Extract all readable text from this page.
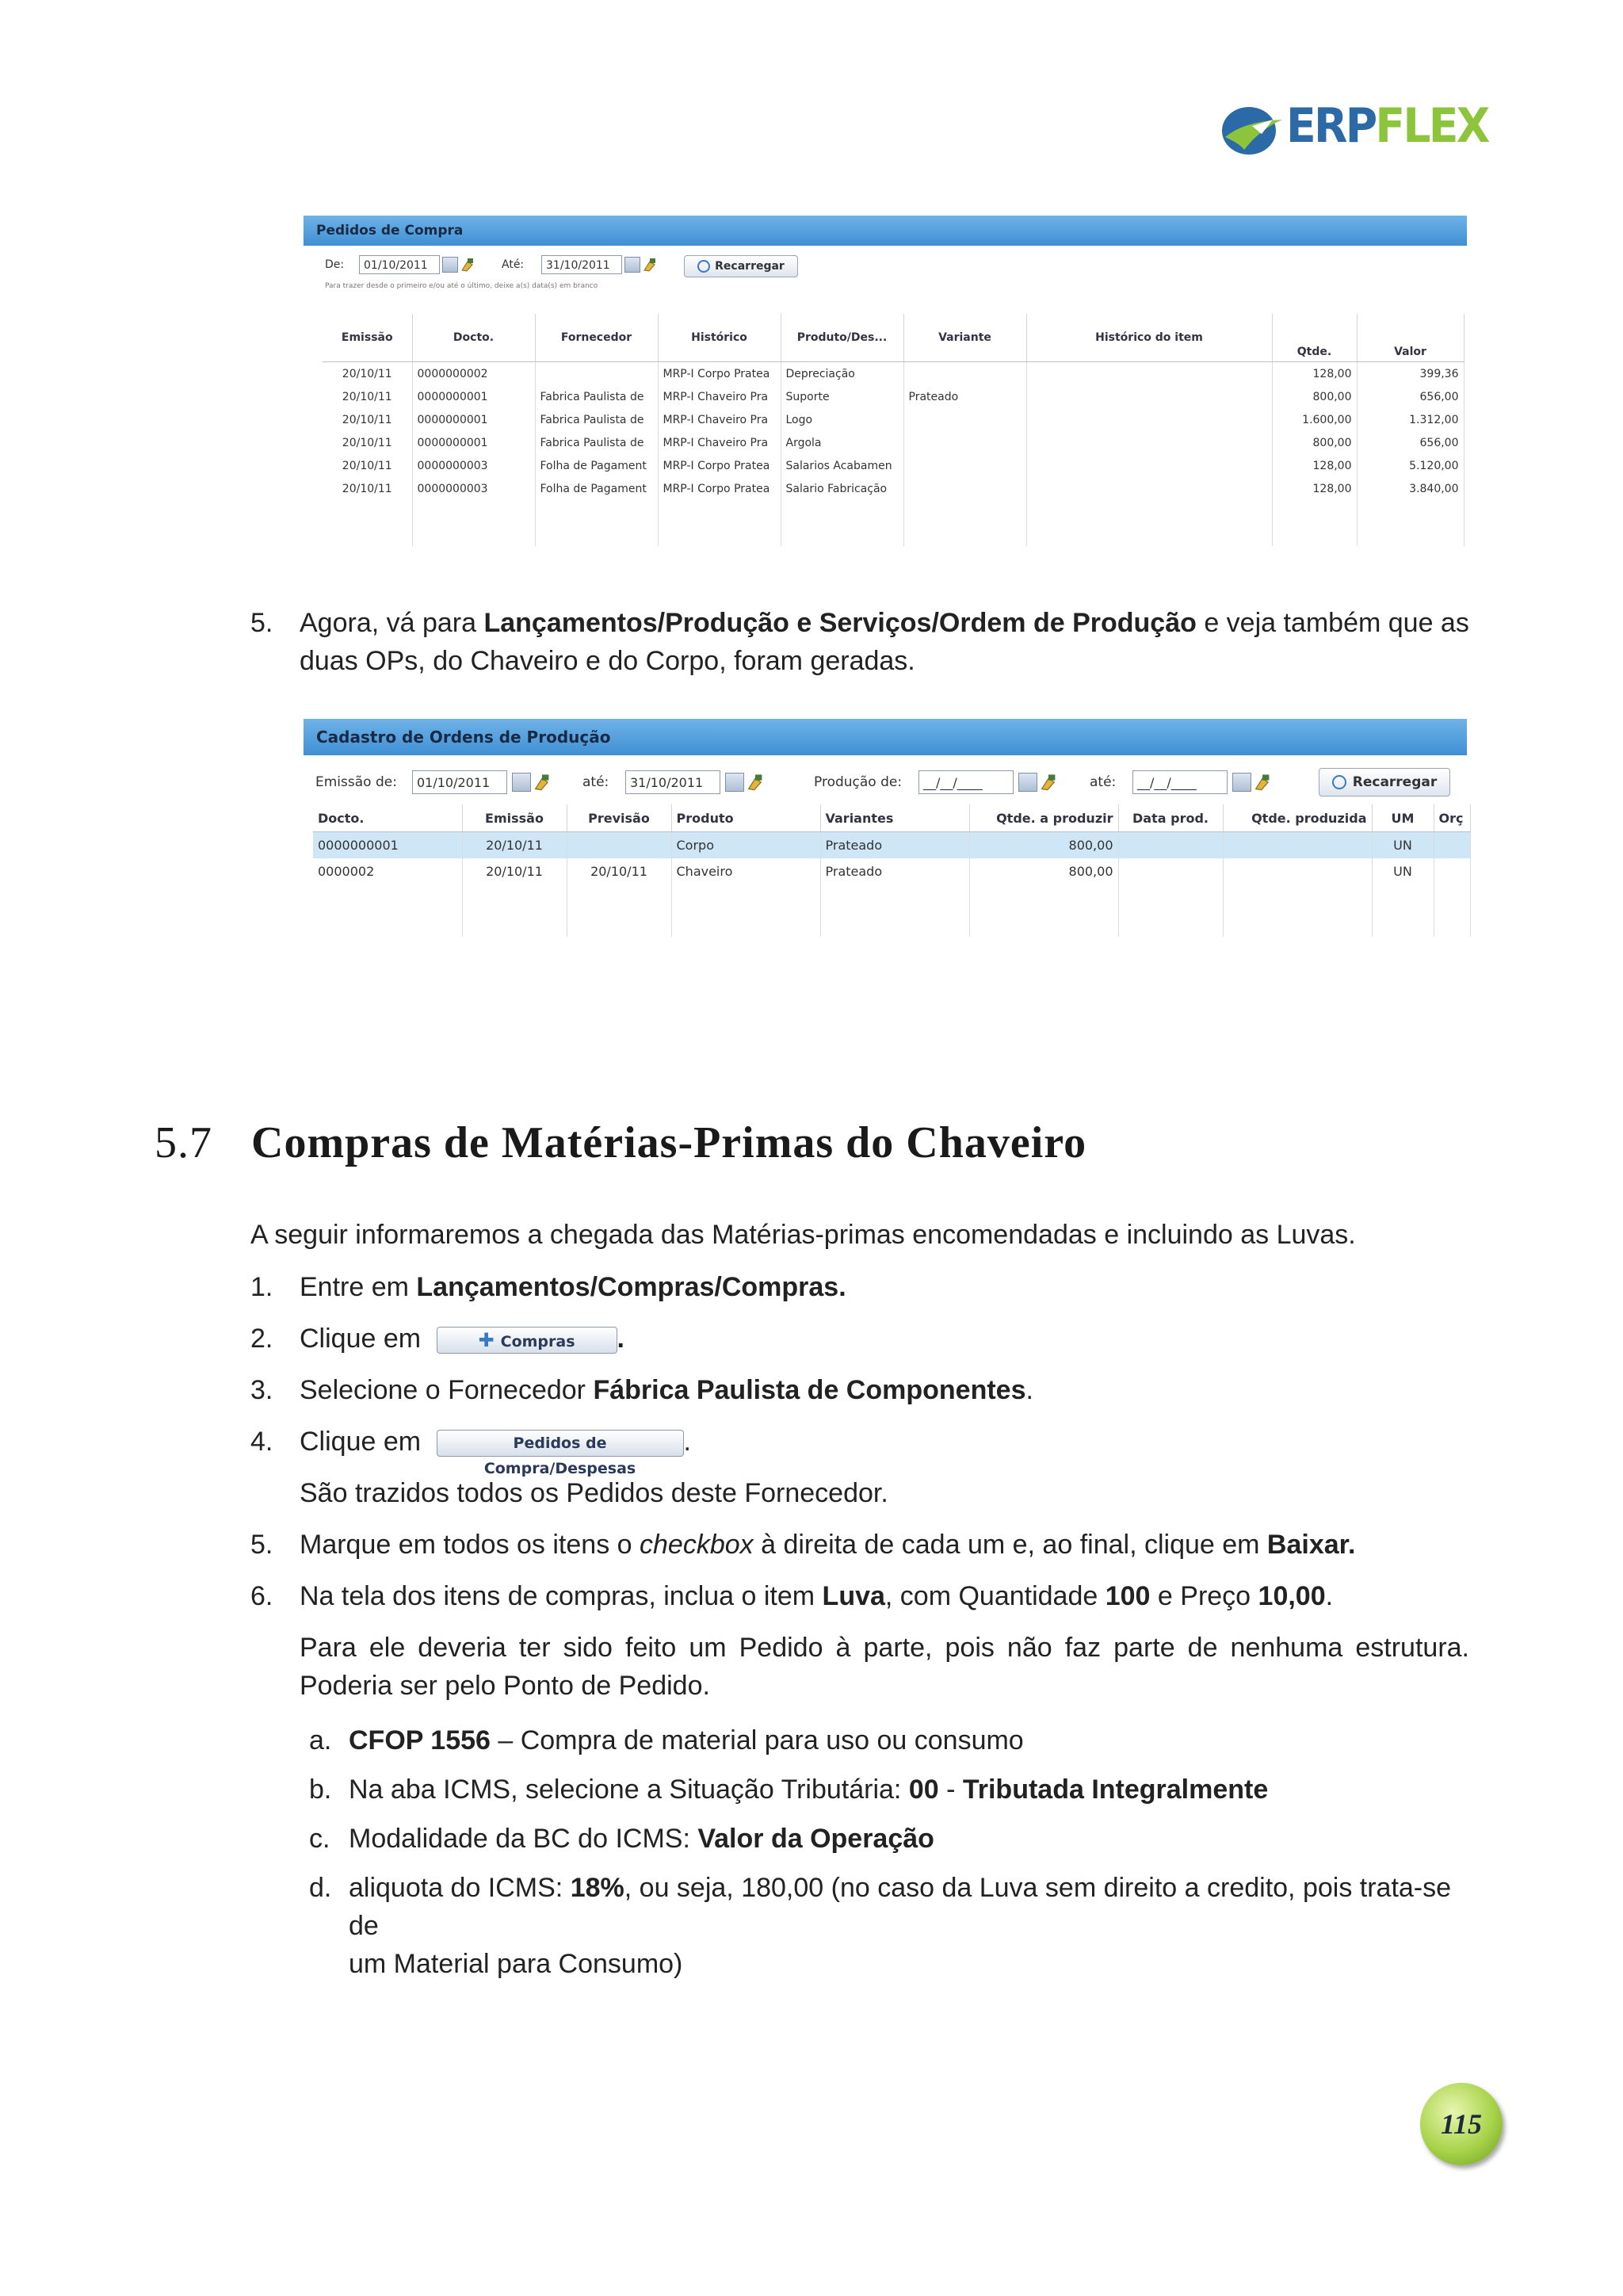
ERPFLEX
Pedidos de Compra
De:	01/10/2011	Até:	31/10/2011	Recarregar
Para trazer desde o primeiro e/ou até o último, deixe a(s) data(s) em branco
Emissão	Docto.	Fornecedor	Histórico	Produto/Des...	Variante	Histórico do item	Qtde.	Valor
20/10/11	0000000002		MRP-I Corpo Pratea	Depreciação			128,00	399,36
20/10/11	0000000001	Fabrica Paulista de	MRP-I Chaveiro Pra	Suporte	Prateado		800,00	656,00
20/10/11	0000000001	Fabrica Paulista de	MRP-I Chaveiro Pra	Logo			1.600,00	1.312,00
20/10/11	0000000001	Fabrica Paulista de	MRP-I Chaveiro Pra	Argola			800,00	656,00
20/10/11	0000000003	Folha de Pagament	MRP-I Corpo Pratea	Salarios Acabamen			128,00	5.120,00
20/10/11	0000000003	Folha de Pagament	MRP-I Corpo Pratea	Salario Fabricação			128,00	3.840,00

5. Agora, vá para Lançamentos/Produção e Serviços/Ordem de Produção e veja também que as
duas OPs, do Chaveiro e do Corpo, foram geradas.
Cadastro de Ordens de Produção
Emissão de:	01/10/2011	até:	31/10/2011	Produção de:	__/__/____	até:	__/__/____	Recarregar
Docto.	Emissão	Previsão	Produto	Variantes	Qtde. a produzir	Data prod.	Qtde. produzida	UM	Orç
0000000001	20/10/11		Corpo	Prateado	800,00			UN	
0000002	20/10/11	20/10/11	Chaveiro	Prateado	800,00			UN	

5.7 Compras de Matérias-Primas do Chaveiro
A seguir informaremos a chegada das Matérias-primas encomendadas e incluindo as Luvas.
1. Entre em Lançamentos/Compras/Compras.
2. Clique em	✚ Compras .
3. Selecione o Fornecedor Fábrica Paulista de Componentes.
4. Clique em	Pedidos de Compra/Despesas.
São trazidos todos os Pedidos deste Fornecedor.
5. Marque em todos os itens o checkbox à direita de cada um e, ao final, clique em Baixar.
6. Na tela dos itens de compras, inclua o item Luva, com Quantidade 100 e Preço 10,00.
Para ele deveria ter sido feito um Pedido à parte, pois não faz parte de nenhuma estrutura.
Poderia ser pelo Ponto de Pedido.
a. CFOP 1556 – Compra de material para uso ou consumo
b. Na aba ICMS, selecione a Situação Tributária: 00 - Tributada Integralmente
c. Modalidade da BC do ICMS: Valor da Operação
d. aliquota do ICMS: 18%, ou seja, 180,00 (no caso da Luva sem direito a credito, pois trata-se de
um Material para Consumo)
115
